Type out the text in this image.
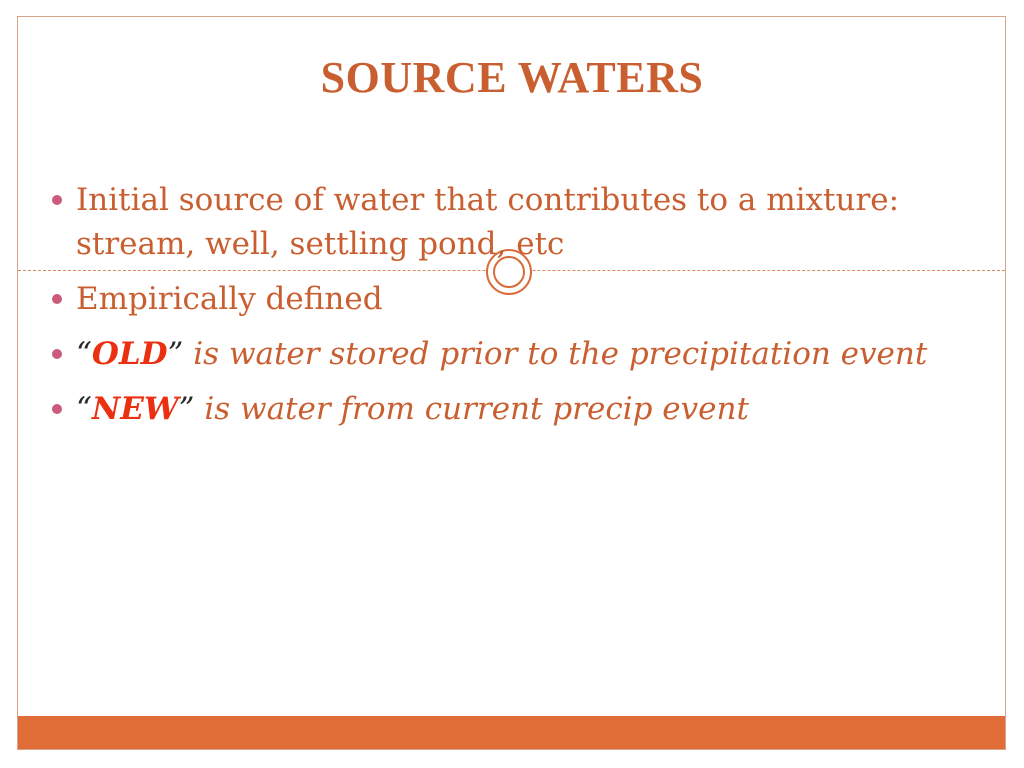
SOURCE WATERS
Initial source of water that contributes to a mixture: stream, well, settling pond, etc
Empirically defined
“OLD” is water stored prior to the precipitation event
“NEW” is water from current precip event
